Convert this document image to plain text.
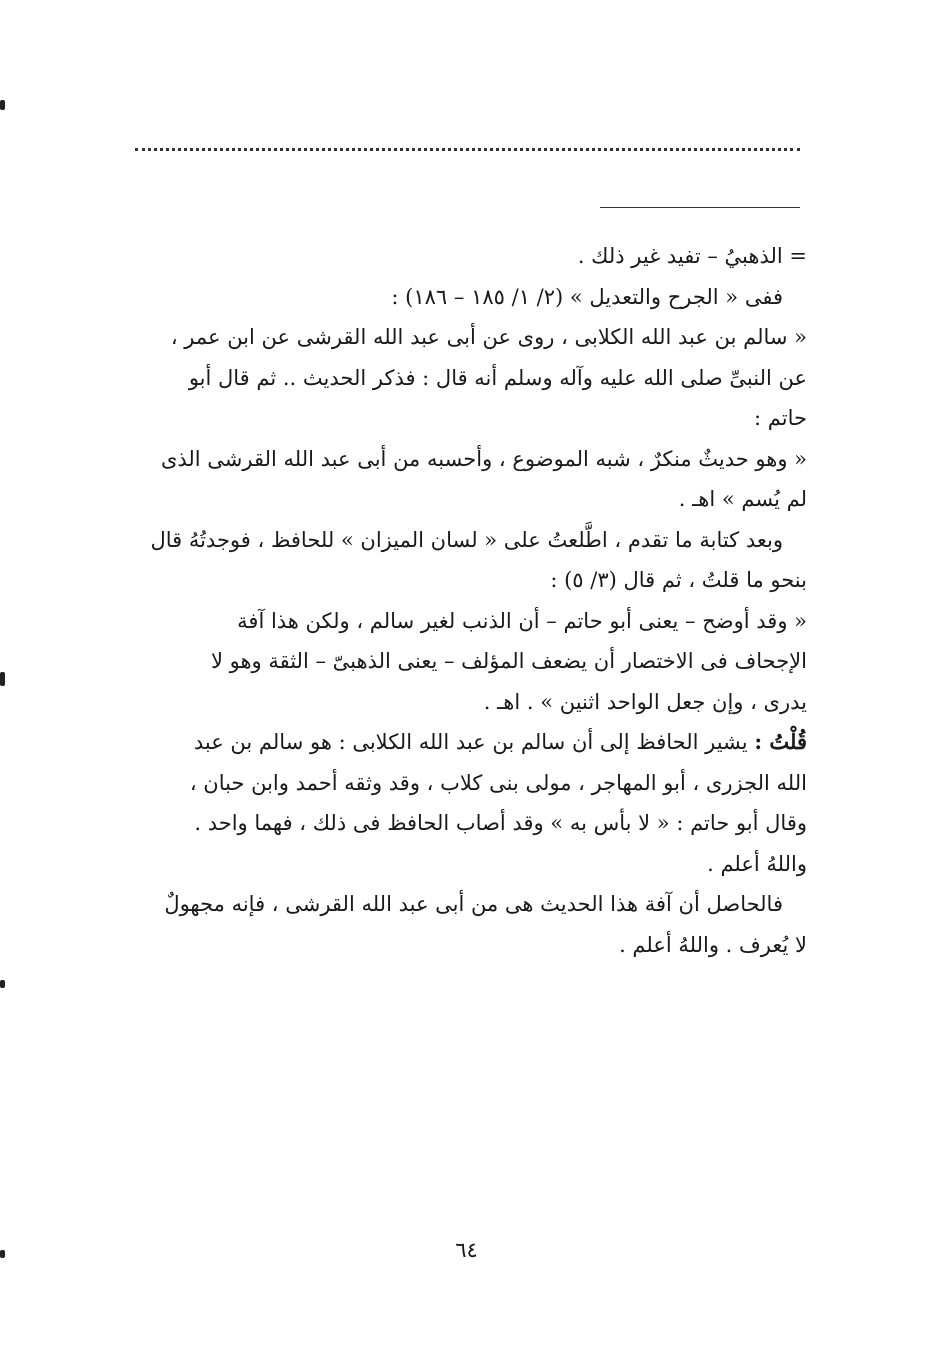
= الذهبيُ – تفيد غير ذلك .

ففى « الجرح والتعديل » (٢/ ١/ ١٨٥ – ١٨٦) :

« سالم بن عبد الله الكلابى ، روى عن أبى عبد الله القرشى عن ابن عمر ،

عن النبىِّ صلى الله عليه وآله وسلم أنه قال : فذكر الحديث .. ثم قال أبو

حاتم :

« وهو حديثٌ منكرٌ ، شبه الموضوع ، وأحسبه من أبى عبد الله القرشى الذى

لم يُسم » اهـ .

وبعد كتابة ما تقدم ، اطَّلعتُ على « لسان الميزان » للحافظ ، فوجدتُهُ قال

بنحو ما قلتُ ، ثم قال (٣/ ٥) :

« وقد أوضح – يعنى أبو حاتم – أن الذنب لغير سالم ، ولكن هذا آفة

الإجحاف فى الاختصار أن يضعف المؤلف – يعنى الذهبىّ – الثقة وهو لا

يدرى ، وإن جعل الواحد اثنين » . اهـ .

قُلْتُ : يشير الحافظ إلى أن سالم بن عبد الله الكلابى : هو سالم بن عبد

الله الجزرى ، أبو المهاجر ، مولى بنى كلاب ، وقد وثقه أحمد وابن حبان ،

وقال أبو حاتم : « لا بأس به » وقد أصاب الحافظ فى ذلك ، فهما واحد .

واللهُ أعلم .

فالحاصل أن آفة هذا الحديث هى من أبى عبد الله القرشى ، فإنه مجهولٌ

لا يُعرف . واللهُ أعلم .

٦٤
